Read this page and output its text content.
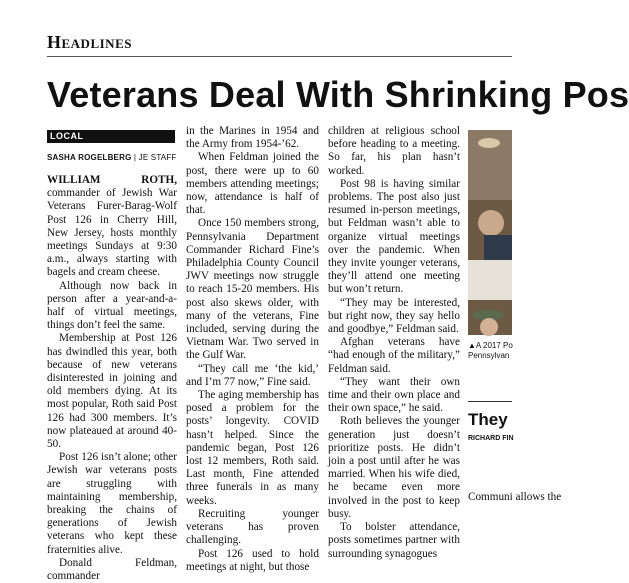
Headlines
Veterans Deal With Shrinking Pos
LOCAL
SASHA ROGELBERG | JE STAFF

WILLIAM ROTH, commander of Jewish War Veterans Furer-Barag-Wolf Post 126 in Cherry Hill, New Jersey, hosts monthly meetings Sundays at 9:30 a.m., always starting with bagels and cream cheese.

Although now back in person after a year-and-a-half of virtual meetings, things don’t feel the same.

Membership at Post 126 has dwindled this year, both because of new veterans disinterested in joining and old members dying. At its most popular, Roth said Post 126 had 300 members. It’s now plateaued at around 40-50.

Post 126 isn’t alone; other Jewish war veterans posts are struggling with maintaining membership, breaking the chains of generations of Jewish veterans who kept these fraternities alive.

Donald Feldman, commander

in the Marines in 1954 and the Army from 1954-’62.

When Feldman joined the post, there were up to 60 members attending meetings; now, attendance is half of that.

Once 150 members strong, Pennsylvania Department Commander Richard Fine’s Philadelphia County Council JWV meetings now struggle to reach 15-20 members. His post also skews older, with many of the veterans, Fine included, serving during the Vietnam War. Two served in the Gulf War.

“They call me ‘the kid,’ and I’m 77 now,” Fine said.

The aging membership has posed a problem for the posts’ longevity. COVID hasn’t helped. Since the pandemic began, Post 126 lost 12 members, Roth said. Last month, Fine attended three funerals in as many weeks.

Recruiting younger veterans has proven challenging.

Post 126 used to hold meetings at night, but those

children at religious school before heading to a meeting. So far, his plan hasn’t worked.

Post 98 is having similar problems. The post also just resumed in-person meetings, but Feldman wasn’t able to organize virtual meetings over the pandemic. When they invite younger veterans, they’ll attend one meeting but won’t return.

“They may be interested, but right now, they say hello and goodbye,” Feldman said.

Afghan veterans have “had enough of the military,” Feldman said.

“They want their own time and their own place and their own space,” he said.

Roth believes the younger generation just doesn’t prioritize posts. He didn’t join a post until after he was married. When his wife died, he became even more involved in the post to keep busy.

To bolster attendance, posts sometimes partner with surrounding synagogues

▲A 2017 Po
Pennsylvan
They
RICHARD FIN
Communi allows the
